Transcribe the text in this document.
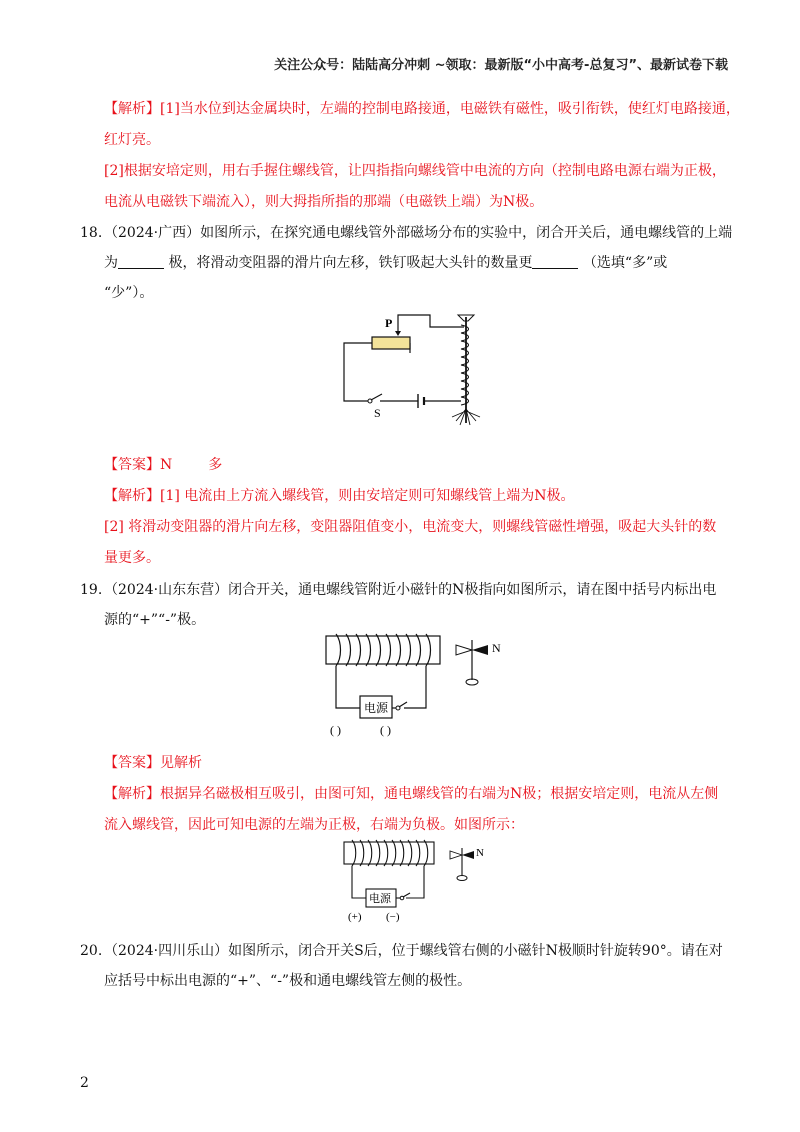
关注公众号：陆陆高分冲刺 ~领取：最新版“小中高考-总复习”、最新试卷下载
【解析】[1]当水位到达金属块时，左端的控制电路接通，电磁铁有磁性，吸引衔铁，使红灯电路接通，
红灯亮。
[2]根据安培定则，用右手握住螺线管，让四指指向螺线管中电流的方向（控制电路电源右端为正极，
电流从电磁铁下端流入），则大拇指所指的那端（电磁铁上端）为N极。
18. （2024·广西）如图所示，在探究通电螺线管外部磁场分布的实验中，闭合开关后，通电螺线管的上端
为	极，将滑动变阻器的滑片向左移，铁钉吸起大头针的数量更	（选填“多”或
“少”）。
P
S
【答案】N	多
【解析】[1] 电流由上方流入螺线管，则由安培定则可知螺线管上端为N极。
[2] 将滑动变阻器的滑片向左移，变阻器阻值变小，电流变大，则螺线管磁性增强，吸起大头针的数
量更多。
19. （2024·山东东营）闭合开关，通电螺线管附近小磁针的N极指向如图所示，请在图中括号内标出电
源的“+”“-”极。
电源
( )	( )
N
【答案】见解析
【解析】根据异名磁极相互吸引，由图可知，通电螺线管的右端为N极；根据安培定则，电流从左侧
流入螺线管，因此可知电源的左端为正极，右端为负极。如图所示：
电源
(+) (−)
N
20. （2024·四川乐山）如图所示，闭合开关S后，位于螺线管右侧的小磁针N极顺时针旋转90°。请在对
应括号中标出电源的“+”、“-”极和通电螺线管左侧的极性。
2
